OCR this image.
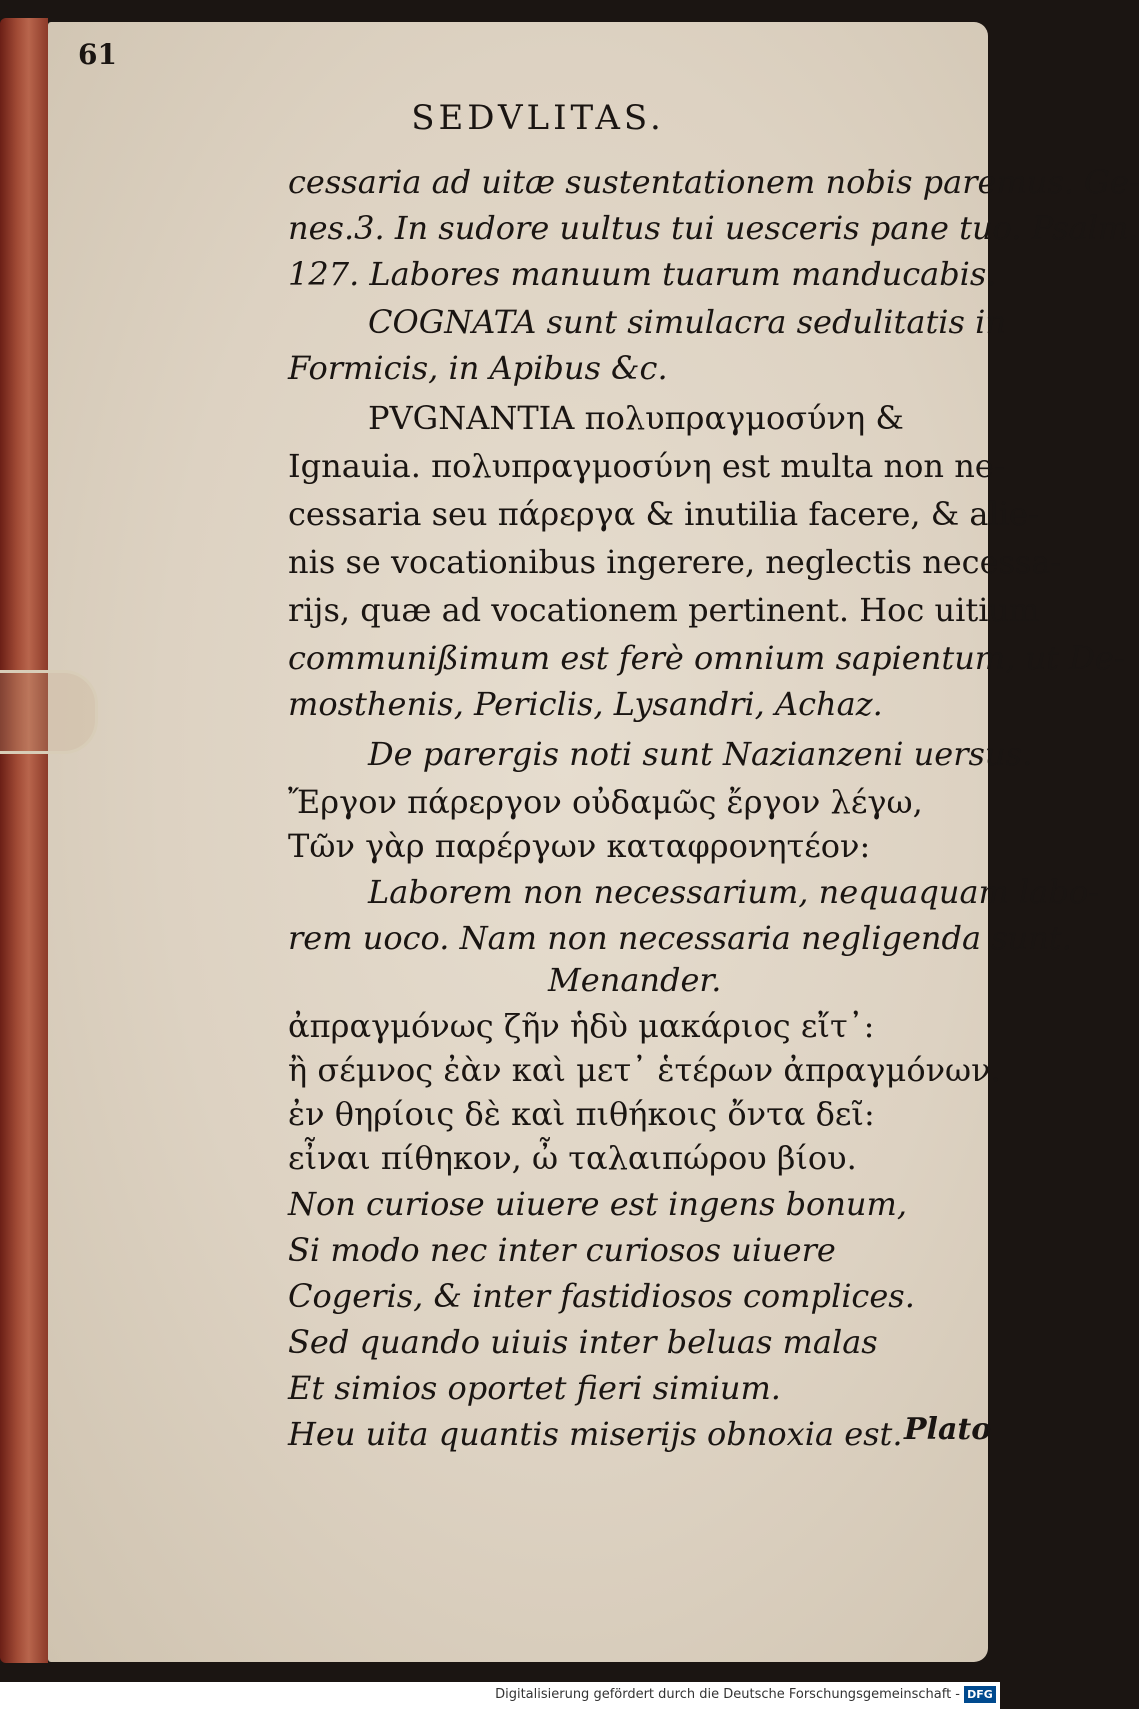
61
SEDVLITAS.
cessaria ad uitæ sustentationem nobis paremus. Ge-
nes.3. In sudore uultus tui uesceris pane tuo. Psalm.
127. Labores manuum tuarum manducabis.
COGNATA sunt simulacra sedulitatis in
Formicis, in Apibus &c.
PVGNANTIA πολυπραγμοσύνη &
Ignauia. πολυπραγμοσύνη est multa non ne-
cessaria seu πάρεργα & inutilia facere, & alie-
nis se vocationibus ingerere, neglectis necessa-
rijs, quæ ad vocationem pertinent. Hoc uitium
communißimum est ferè omnium sapientum, ut De-
mosthenis, Periclis, Lysandri, Achaz.
De parergis noti sunt Nazianzeni uersus.
Ἔργον πάρεργον οὐδαμῶς ἔργον λέγω,
Τῶν γὰρ παρέργων καταφρονητέον:
Laborem non necessarium, nequaquam labo-
rem uoco. Nam non necessaria negligenda sunt.
Menander.
ἀπραγμόνως ζῆν ἡδὺ μακάριος εἴτ᾽:
ἢ σέμνος ἐὰν καὶ μετ᾽ ἑτέρων ἀπραγμόνων.
ἐν θηρίοις δὲ καὶ πιθήκοις ὄντα δεῖ:
εἶναι πίθηκον, ὦ ταλαιπώρου βίου.
Non curiose uiuere est ingens bonum,
Si modo nec inter curiosos uiuere
Cogeris, & inter fastidiosos complices.
Sed quando uiuis inter beluas malas
Et simios oportet fieri simium.
Heu uita quantis miserijs obnoxia est. Plato
Digitalisierung gefördert durch die Deutsche Forschungsgemeinschaft - DFG
